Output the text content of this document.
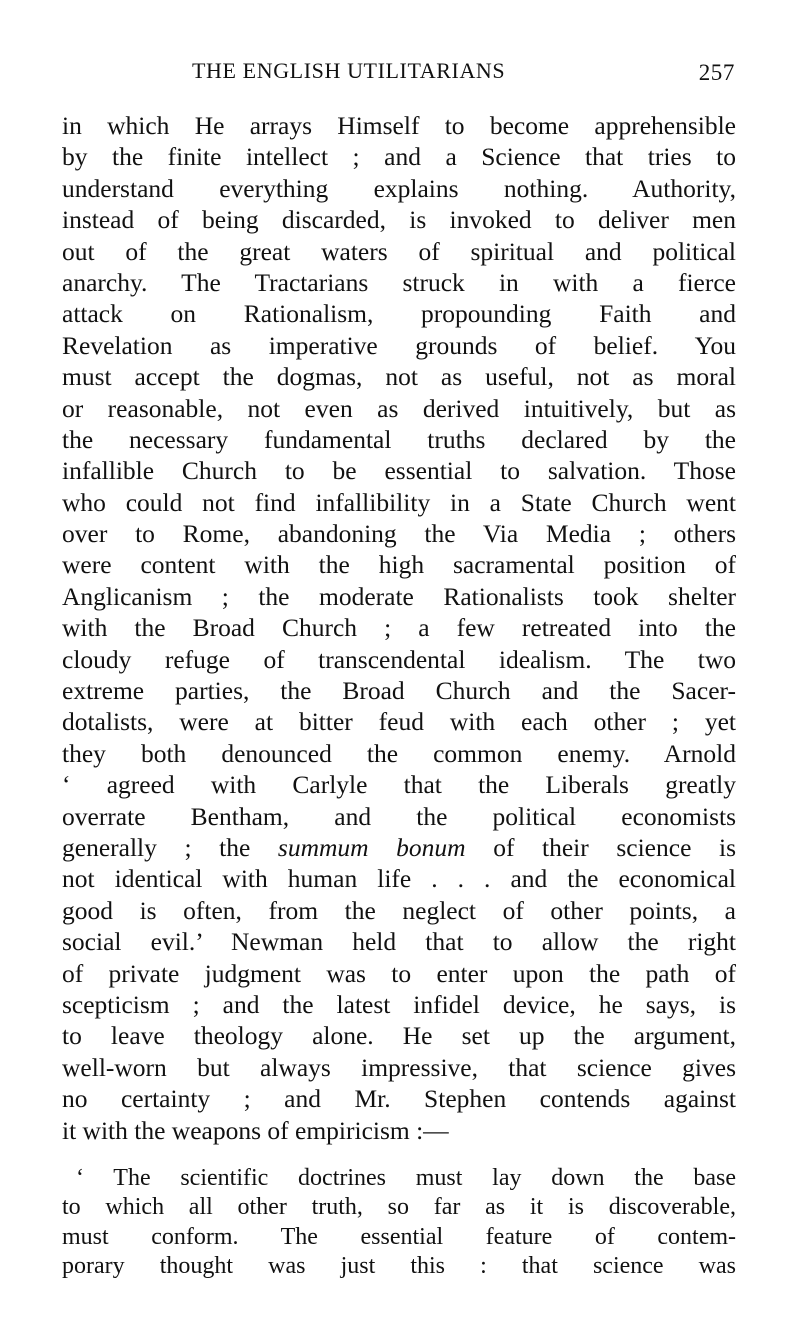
THE ENGLISH UTILITARIANS	257
in which He arrays Himself to become apprehensible
by the finite intellect ; and a Science that tries to
understand everything explains nothing. Authority,
instead of being discarded, is invoked to deliver men
out of the great waters of spiritual and political
anarchy. The Tractarians struck in with a fierce
attack on Rationalism, propounding Faith and
Revelation as imperative grounds of belief. You
must accept the dogmas, not as useful, not as moral
or reasonable, not even as derived intuitively, but as
the necessary fundamental truths declared by the
infallible Church to be essential to salvation. Those
who could not find infallibility in a State Church went
over to Rome, abandoning the Via Media ; others
were content with the high sacramental position of
Anglicanism ; the moderate Rationalists took shelter
with the Broad Church ; a few retreated into the
cloudy refuge of transcendental idealism. The two
extreme parties, the Broad Church and the Sacer-
dotalists, were at bitter feud with each other ; yet
they both denounced the common enemy. Arnold
‘ agreed with Carlyle that the Liberals greatly
overrate Bentham, and the political economists
generally ; the summum bonum of their science is
not identical with human life . . . and the economical
good is often, from the neglect of other points, a
social evil.’ Newman held that to allow the right
of private judgment was to enter upon the path of
scepticism ; and the latest infidel device, he says, is
to leave theology alone. He set up the argument,
well-worn but always impressive, that science gives
no certainty ; and Mr. Stephen contends against
it with the weapons of empiricism :—
‘ The scientific doctrines must lay down the base
to which all other truth, so far as it is discoverable,
must conform. The essential feature of contem-
porary thought was just this : that science was
